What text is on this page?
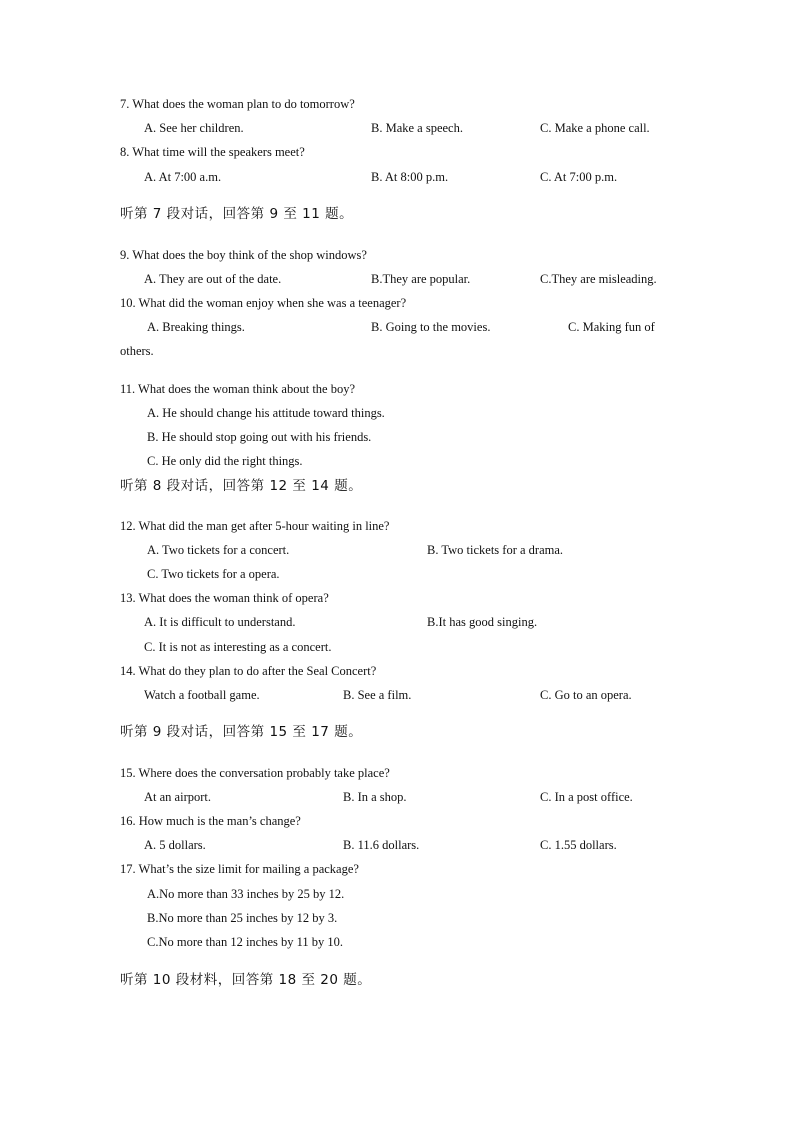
7. What does the woman plan to do tomorrow?
A. See her children.	B. Make a speech.	C. Make a phone call.
8. What time will the speakers meet?
A. At 7:00 a.m.	B. At 8:00 p.m.	C. At 7:00 p.m.
听第 7 段对话，回答第 9 至 11 题。
9. What does the boy think of the shop windows?
A. They are out of the date.	B.They are popular.	C.They are misleading.
10. What did the woman enjoy when she was a teenager?
A. Breaking things.	B. Going to the movies.	C. Making fun of
others.
11. What does the woman think about the boy?
A. He should change his attitude toward things.
B. He should stop going out with his friends.
C. He only did the right things.
听第 8 段对话，回答第 12 至 14 题。
12. What did the man get after 5-hour waiting in line?
A. Two tickets for a concert.	B. Two tickets for a drama.
C. Two tickets for a opera.
13. What does the woman think of opera?
A. It is difficult to understand.	B.It has good singing.
C. It is not as interesting as a concert.
14. What do they plan to do after the Seal Concert?
Watch a football game.	B. See a film.	C. Go to an opera.
听第 9 段对话，回答第 15 至 17 题。
15. Where does the conversation probably take place?
At an airport.	B. In a shop.	C. In a post office.
16. How much is the man’s change?
A. 5 dollars.	B. 11.6 dollars.	C. 1.55 dollars.
17. What’s the size limit for mailing a package?
A.No more than 33 inches by 25 by 12.
B.No more than 25 inches by 12 by 3.
C.No more than 12 inches by 11 by 10.
听第 10 段材料，回答第 18 至 20 题。
